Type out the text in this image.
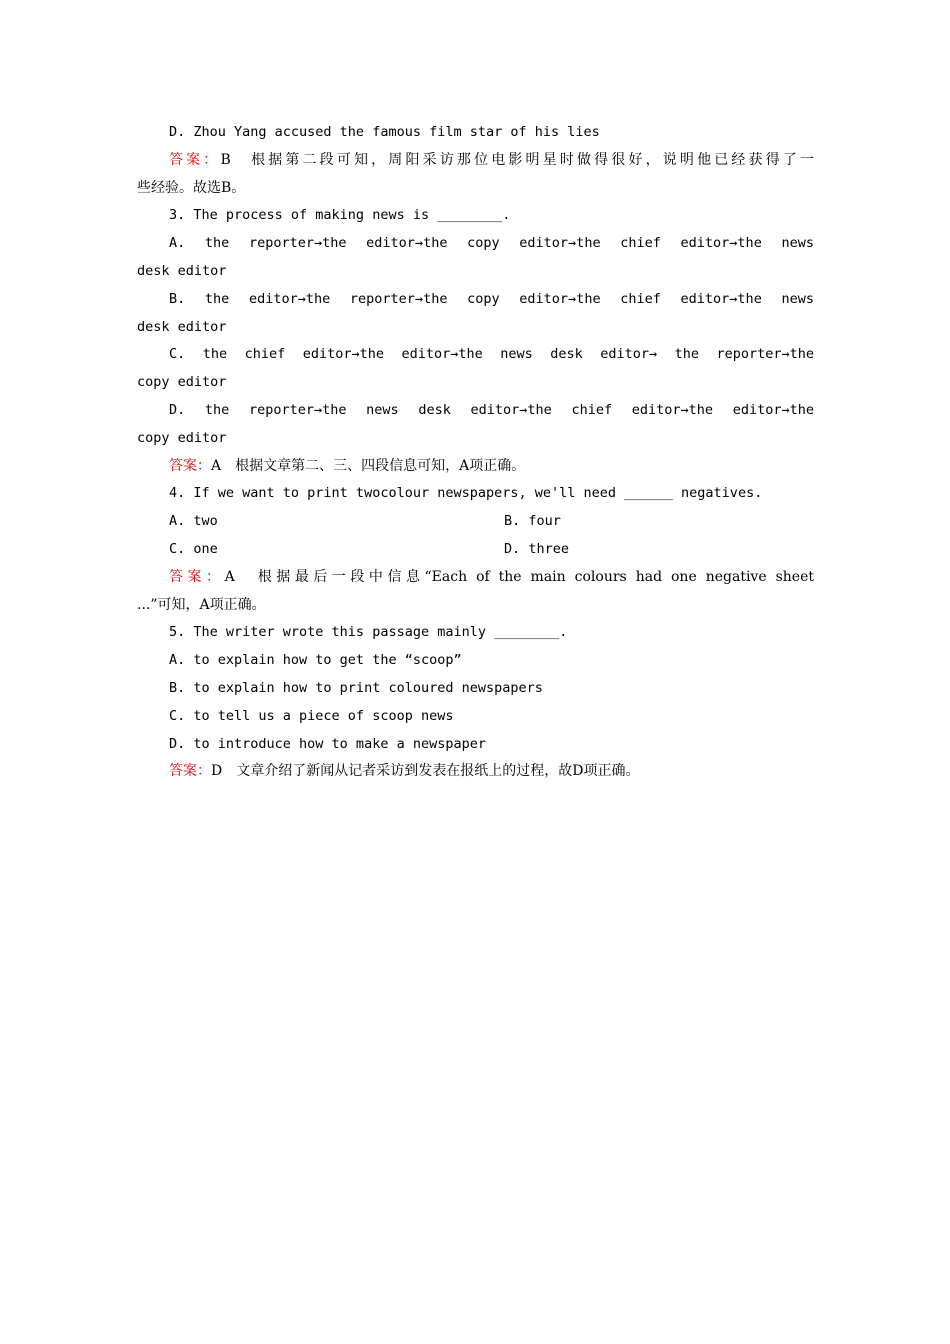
D. Zhou Yang accused the famous film star of his lies

答案：B　根据第二段可知，周阳采访那位电影明星时做得很好，说明他已经获得了一

些经验。故选B。

3. The process of making news is ________.

A. the reporter→the editor→the copy editor→the chief editor→the news

desk editor

B. the editor→the reporter→the copy editor→the chief editor→the news

desk editor

C. the chief editor→the editor→the news desk editor→ the reporter→the

copy editor

D. the reporter→the news desk editor→the chief editor→the editor→the

copy editor

答案：A　根据文章第二、三、四段信息可知，A项正确。

4. If we want to print twocolour newspapers, we'll need ______ negatives.

A. two	B. four
C. one	D. three

答案：A　根据最后一段中信息“Each of the main colours had one negative sheet

...”可知，A项正确。

5. The writer wrote this passage mainly ________.

A. to explain how to get the “scoop”

B. to explain how to print coloured newspapers

C. to tell us a piece of scoop news

D. to introduce how to make a newspaper

答案：D　文章介绍了新闻从记者采访到发表在报纸上的过程，故D项正确。
